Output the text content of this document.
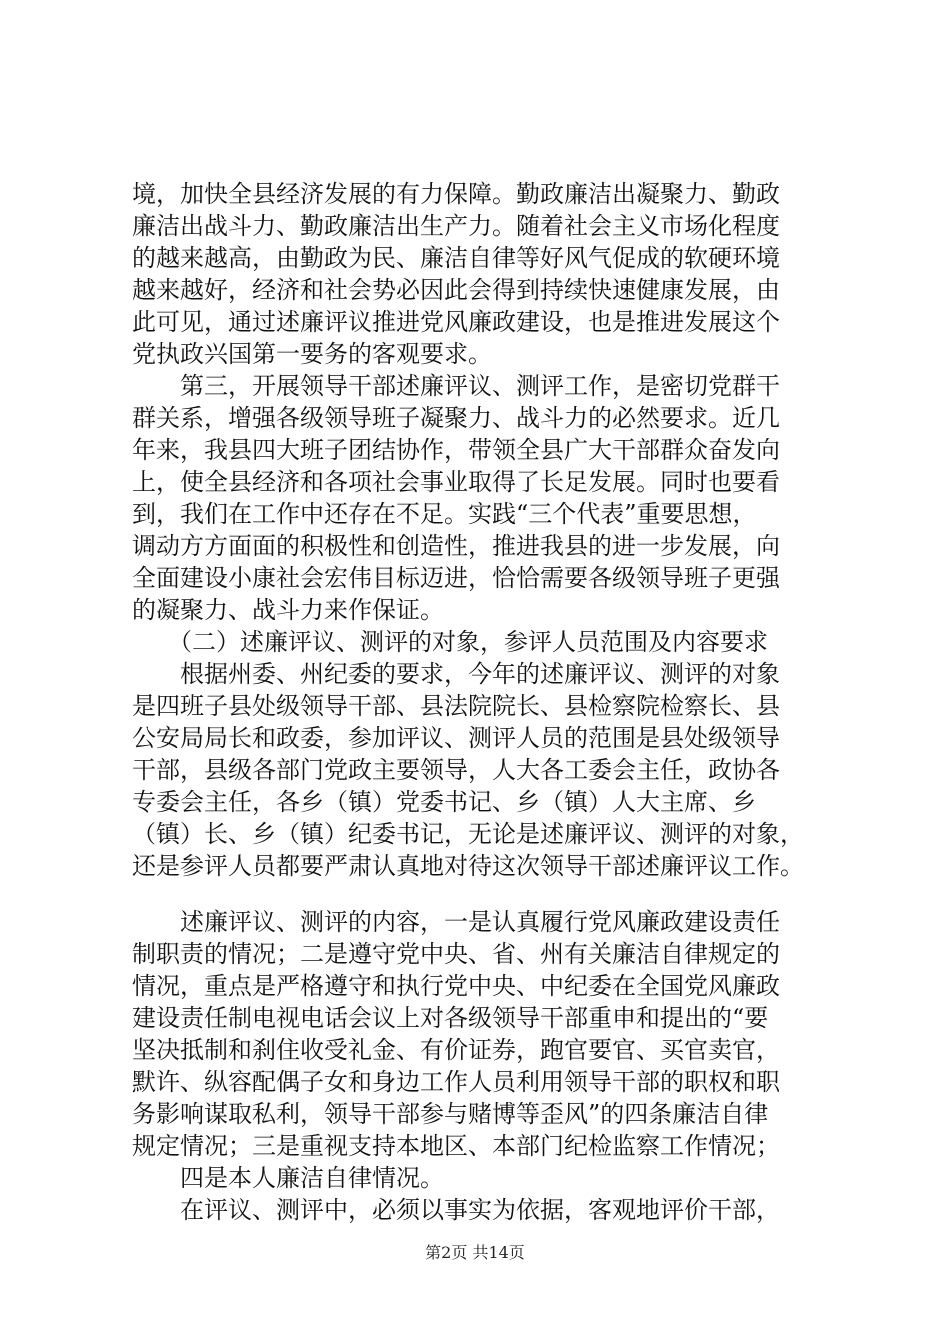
境，加快全县经济发展的有力保障。勤政廉洁出凝聚力、勤政
廉洁出战斗力、勤政廉洁出生产力。随着社会主义市场化程度
的越来越高，由勤政为民、廉洁自律等好风气促成的软硬环境
越来越好，经济和社会势必因此会得到持续快速健康发展，由
此可见，通过述廉评议推进党风廉政建设，也是推进发展这个
党执政兴国第一要务的客观要求。
　　第三，开展领导干部述廉评议、测评工作，是密切党群干
群关系，增强各级领导班子凝聚力、战斗力的必然要求。近几
年来，我县四大班子团结协作，带领全县广大干部群众奋发向
上，使全县经济和各项社会事业取得了长足发展。同时也要看
到，我们在工作中还存在不足。实践“三个代表”重要思想，
调动方方面面的积极性和创造性，推进我县的进一步发展，向
全面建设小康社会宏伟目标迈进，恰恰需要各级领导班子更强
的凝聚力、战斗力来作保证。
　　（二）述廉评议、测评的对象，参评人员范围及内容要求
　　根据州委、州纪委的要求，今年的述廉评议、测评的对象
是四班子县处级领导干部、县法院院长、县检察院检察长、县
公安局局长和政委，参加评议、测评人员的范围是县处级领导
干部，县级各部门党政主要领导，人大各工委会主任，政协各
专委会主任，各乡（镇）党委书记、乡（镇）人大主席、乡
（镇）长、乡（镇）纪委书记，无论是述廉评议、测评的对象，
还是参评人员都要严肃认真地对待这次领导干部述廉评议工作。
　　述廉评议、测评的内容，一是认真履行党风廉政建设责任
制职责的情况；二是遵守党中央、省、州有关廉洁自律规定的
情况，重点是严格遵守和执行党中央、中纪委在全国党风廉政
建设责任制电视电话会议上对各级领导干部重申和提出的“要
坚决抵制和刹住收受礼金、有价证券，跑官要官、买官卖官，
默许、纵容配偶子女和身边工作人员利用领导干部的职权和职
务影响谋取私利，领导干部参与赌博等歪风”的四条廉洁自律
规定情况；三是重视支持本地区、本部门纪检监察工作情况；
　　四是本人廉洁自律情况。
　　在评议、测评中，必须以事实为依据，客观地评价干部，
第2页 共14页
